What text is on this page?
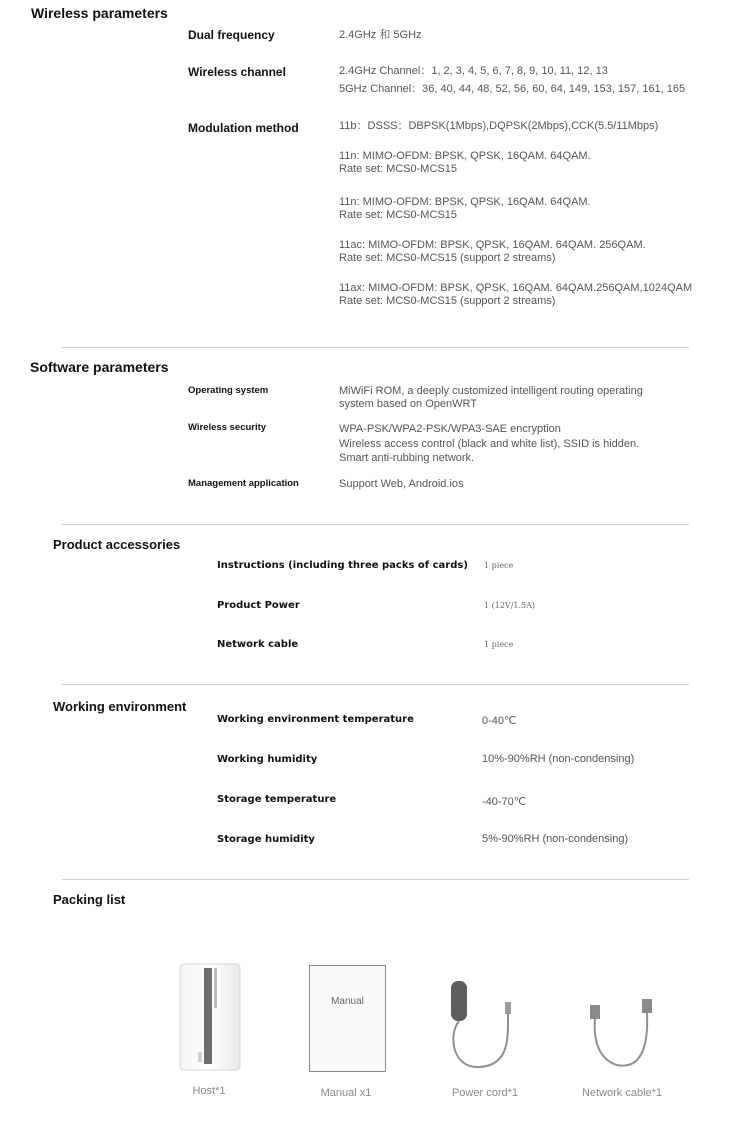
Wireless parameters
Dual frequency	2.4GHz 和 5GHz
Wireless channel	2.4GHz Channel：1, 2, 3, 4, 5, 6, 7, 8, 9, 10, 11, 12, 13
5GHz Channel：36, 40, 44, 48, 52, 56, 60, 64, 149, 153, 157, 161, 165
Modulation method	11b：DSSS：DBPSK(1Mbps),DQPSK(2Mbps),CCK(5.5/11Mbps)
11n: MIMO-OFDM: BPSK, QPSK, 16QAM. 64QAM.
Rate set: MCS0-MCS15
11n: MIMO-OFDM: BPSK, QPSK, 16QAM. 64QAM.
Rate set: MCS0-MCS15
11ac: MIMO-OFDM: BPSK, QPSK, 16QAM. 64QAM. 256QAM.
Rate set: MCS0-MCS15 (support 2 streams)
11ax: MIMO-OFDM: BPSK, QPSK, 16QAM. 64QAM.256QAM,1024QAM
Rate set: MCS0-MCS15 (support 2 streams)
Software parameters
Operating system	MiWiFi ROM, a deeply customized intelligent routing operating
system based on OpenWRT
Wireless security	WPA-PSK/WPA2-PSK/WPA3-SAE encryption
Wireless access control (black and white list), SSID is hidden.
Smart anti-rubbing network.
Management application	Support Web, Android.ios
Product accessories
Instructions (including three packs of cards) 1 piece
Product Power	1 (12V/1.5A)
Network cable	1 piece
Working environment
Working environment temperature	0-40℃
Working humidity	10%-90%RH (non-condensing)
Storage temperature	-40-70℃
Storage humidity	5%-90%RH (non-condensing)
Packing list
Host*1
Manual
Manual x1	Power cord*1	Network cable*1
